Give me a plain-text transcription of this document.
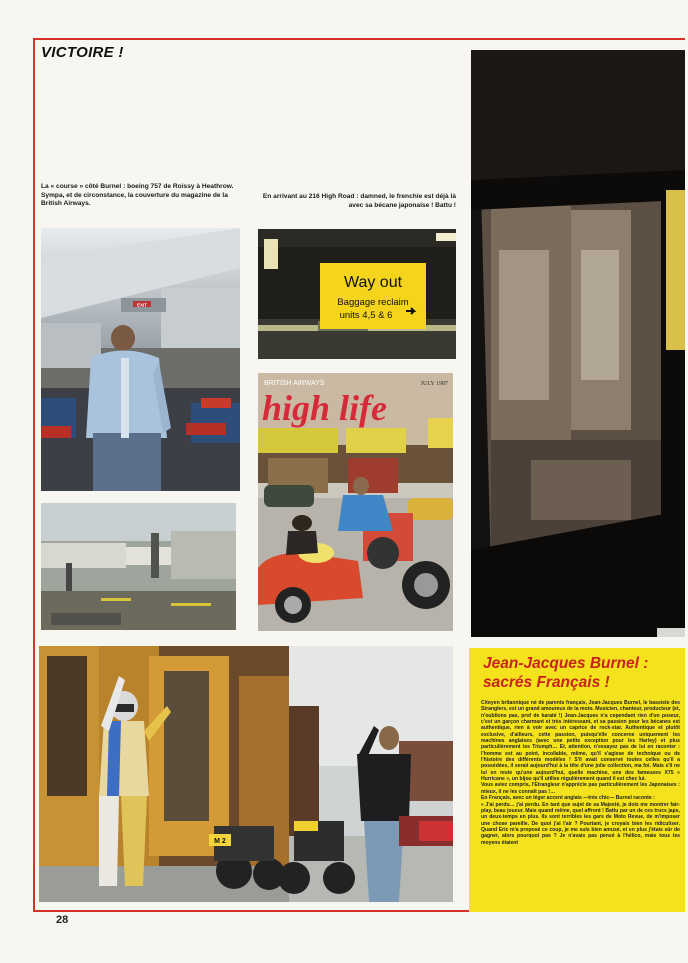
VICTOIRE !
La « course » côté Burnel : boeing 757 de Roissy à Heathrow. Sympa, et de circonstance, la couverture du magazine de la British Airways.
En arrivant au 216 High Road : damned, le frenchie est déjà là avec sa bécane japonaise ! Battu !
EXIT
Way out
Baggage reclaim
units 4,5 & 6
BRITISH AIRWAYS	JULY 1987
high life
M 2
Jean-Jacques Burnel :
sacrés Français !

Citoyen britannique né de parents français, Jean-Jacques Burnel, le bassiste des Stranglers, est un grand amoureux de la moto. Musicien, chanteur, producteur (et, n'oublions pas, prof de karaté !) Jean-Jacques n'a cependant rien d'un poseur, c'est un garçon charmant et très intéressant, et sa passion pour les bécanes est authentique, rien à voir avec un caprice de rock-star. Authentique et plutôt exclusive, d'ailleurs, cette passion, puisqu'elle concerne uniquement les machines anglaises (avec une petite exception pour les Harley) et plus particulièrement les Triumph… Et, attention, n'essayez pas de lui en raconter : l'homme est au point, incollable, même, qu'il s'agisse de technique ou de l'histoire des différents modèles ! S'il avait conservé toutes celles qu'il a possédées, il serait aujourd'hui à la tête d'une jolie collection, ma foi. Mais s'il ne lui en reste qu'une aujourd'hui, quelle machine, une des fameuses X75 « Hurricane », un bijou qu'il utilise régulièrement quand il est chez lui.

Vous aviez compris, l'Etrangleur n'apprécie pas particulièrement les Japonaises : mieux, il ne les connaît pas !…

En Français, avec un léger accent anglais —très chic— Burnel raconte :

« J'ai perdu… j'ai perdu. En tant que sujet de sa Majesté, je dois me montrer fair-play, beau joueur. Mais quand même, quel affront ! Battu par un de ces trucs japs, un deux-temps en plus. Ils sont terribles les gars de Moto Revue, de m'imposer une chose pareille. De quoi j'ai l'air ? Pourtant, je croyais bien les ridiculiser. Quand Eric m'a proposé ce coup, je me suis bien amusé, et en plus j'étais sûr de gagner, alors pourquoi pas ? Je n'avais pas pensé à l'hélico, mais tous les moyens étaient

28
